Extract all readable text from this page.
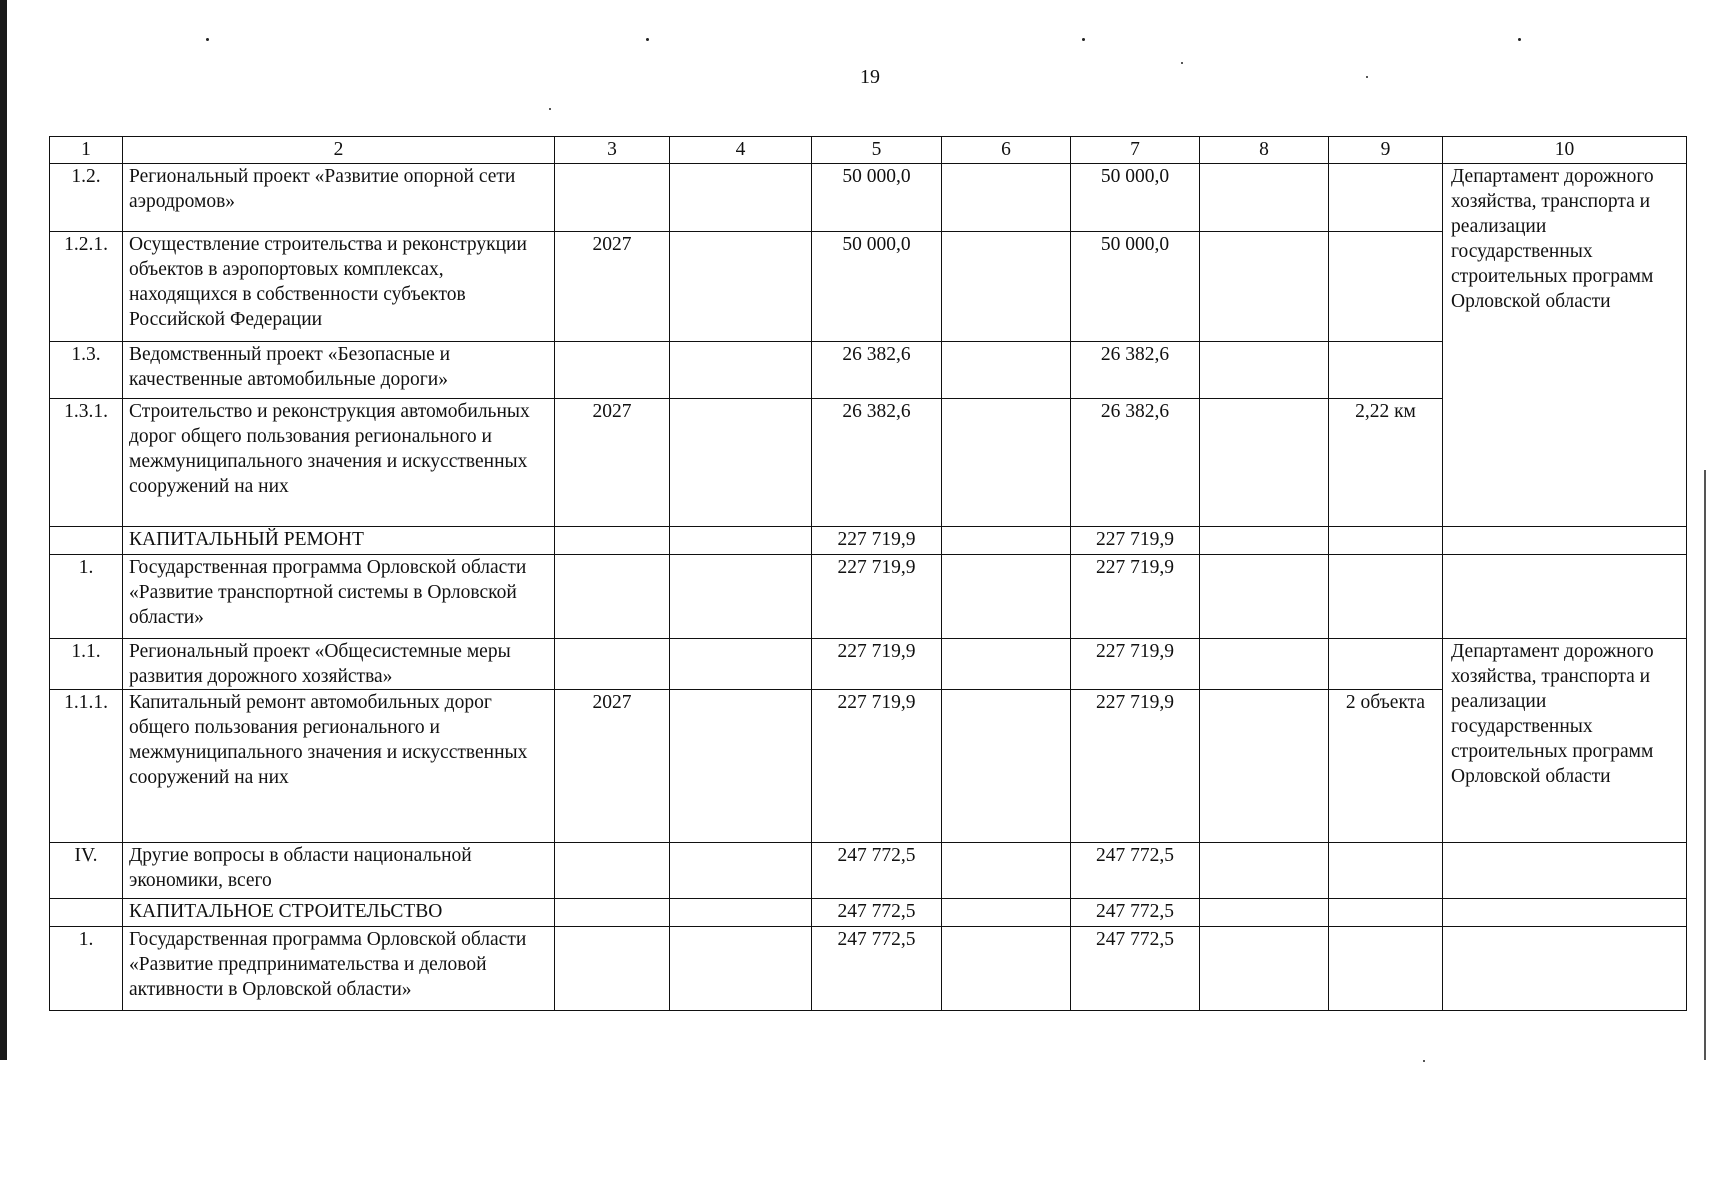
19
1	2	3	4	5	6	7	8	9	10
1.2.	Региональный проект «Развитие опорной сети аэродромов»			50 000,0		50 000,0			Департамент дорожного хозяйства, транспорта и реализации государственных строительных программ Орловской области
1.2.1.	Осуществление строительства и реконструкции объектов в аэропортовых комплексах, находящихся в собственности субъектов Российской Федерации	2027		50 000,0		50 000,0			
1.3.	Ведомственный проект «Безопасные и качественные автомобильные дороги»			26 382,6		26 382,6			
1.3.1.	Строительство и реконструкция автомобильных дорог общего пользования регионального и межмуниципального значения и искусственных сооружений на них	2027		26 382,6		26 382,6		2,22 км	
	КАПИТАЛЬНЫЙ РЕМОНТ			227 719,9		227 719,9			
1.	Государственная программа Орловской области «Развитие транспортной системы в Орловской области»			227 719,9		227 719,9			
1.1.	Региональный проект «Общесистемные меры развития дорожного хозяйства»			227 719,9		227 719,9			Департамент дорожного хозяйства, транспорта и реализации государственных строительных программ Орловской области
1.1.1.	Капитальный ремонт автомобильных дорог общего пользования регионального и межмуниципального значения и искусственных сооружений на них	2027		227 719,9		227 719,9		2 объекта	
IV.	Другие вопросы в области национальной экономики, всего			247 772,5		247 772,5			
	КАПИТАЛЬНОЕ СТРОИТЕЛЬСТВО			247 772,5		247 772,5			
1.	Государственная программа Орловской области «Развитие предпринимательства и деловой активности в Орловской области»			247 772,5		247 772,5			
